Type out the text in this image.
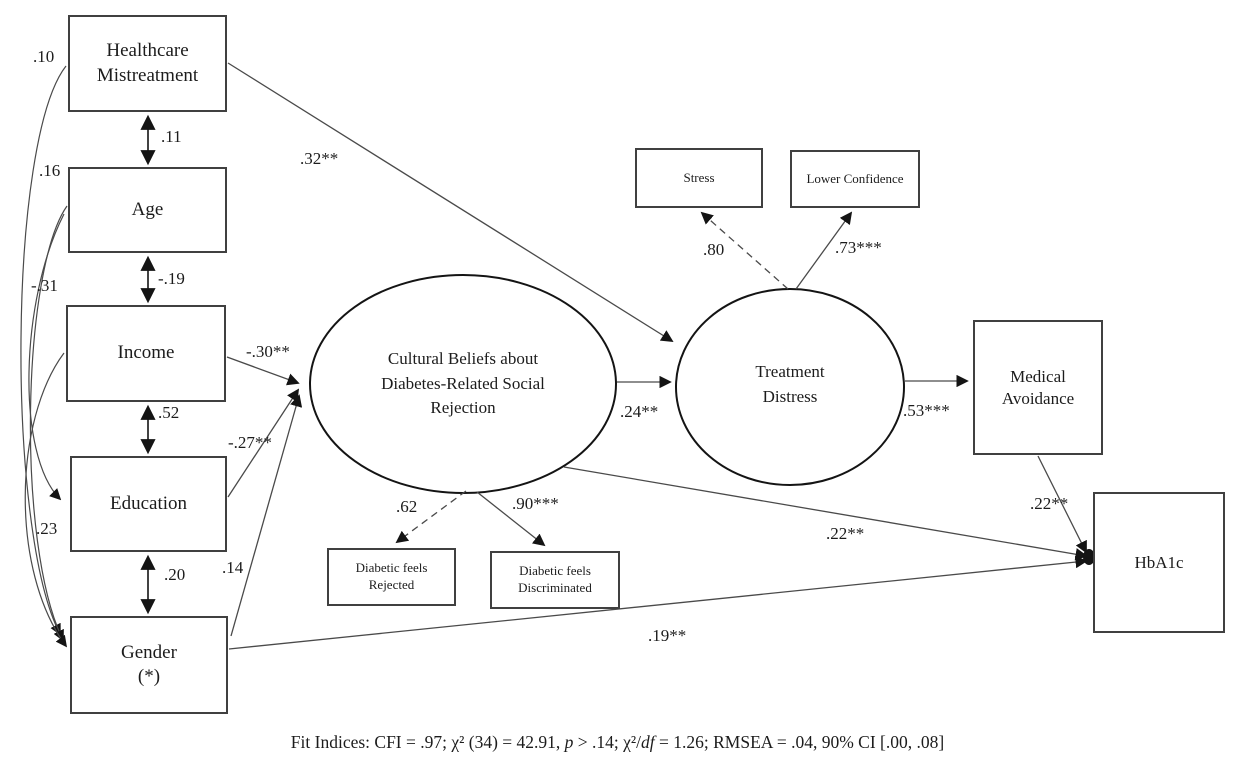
Healthcare
Mistreatment
Age
Income
Education
Gender
(*)
Stress	Lower Confidence
Medical
Avoidance
HbA1c
Diabetic feels
Rejected
Diabetic feels
Discriminated
Cultural Beliefs about
Diabetes-Related Social
Rejection
Treatment
Distress
.32**
-.30**
-.27**
.14
.24**	.53***
.22**
.22**
.19**
.62	.90***
.80	.73***
.11
-.19
.52
.20
.10
.16
-.31
.23
Fit Indices: CFI = .97; χ² (34) = 42.91, p > .14; χ²/df = 1.26; RMSEA = .04, 90% CI [.00, .08]
